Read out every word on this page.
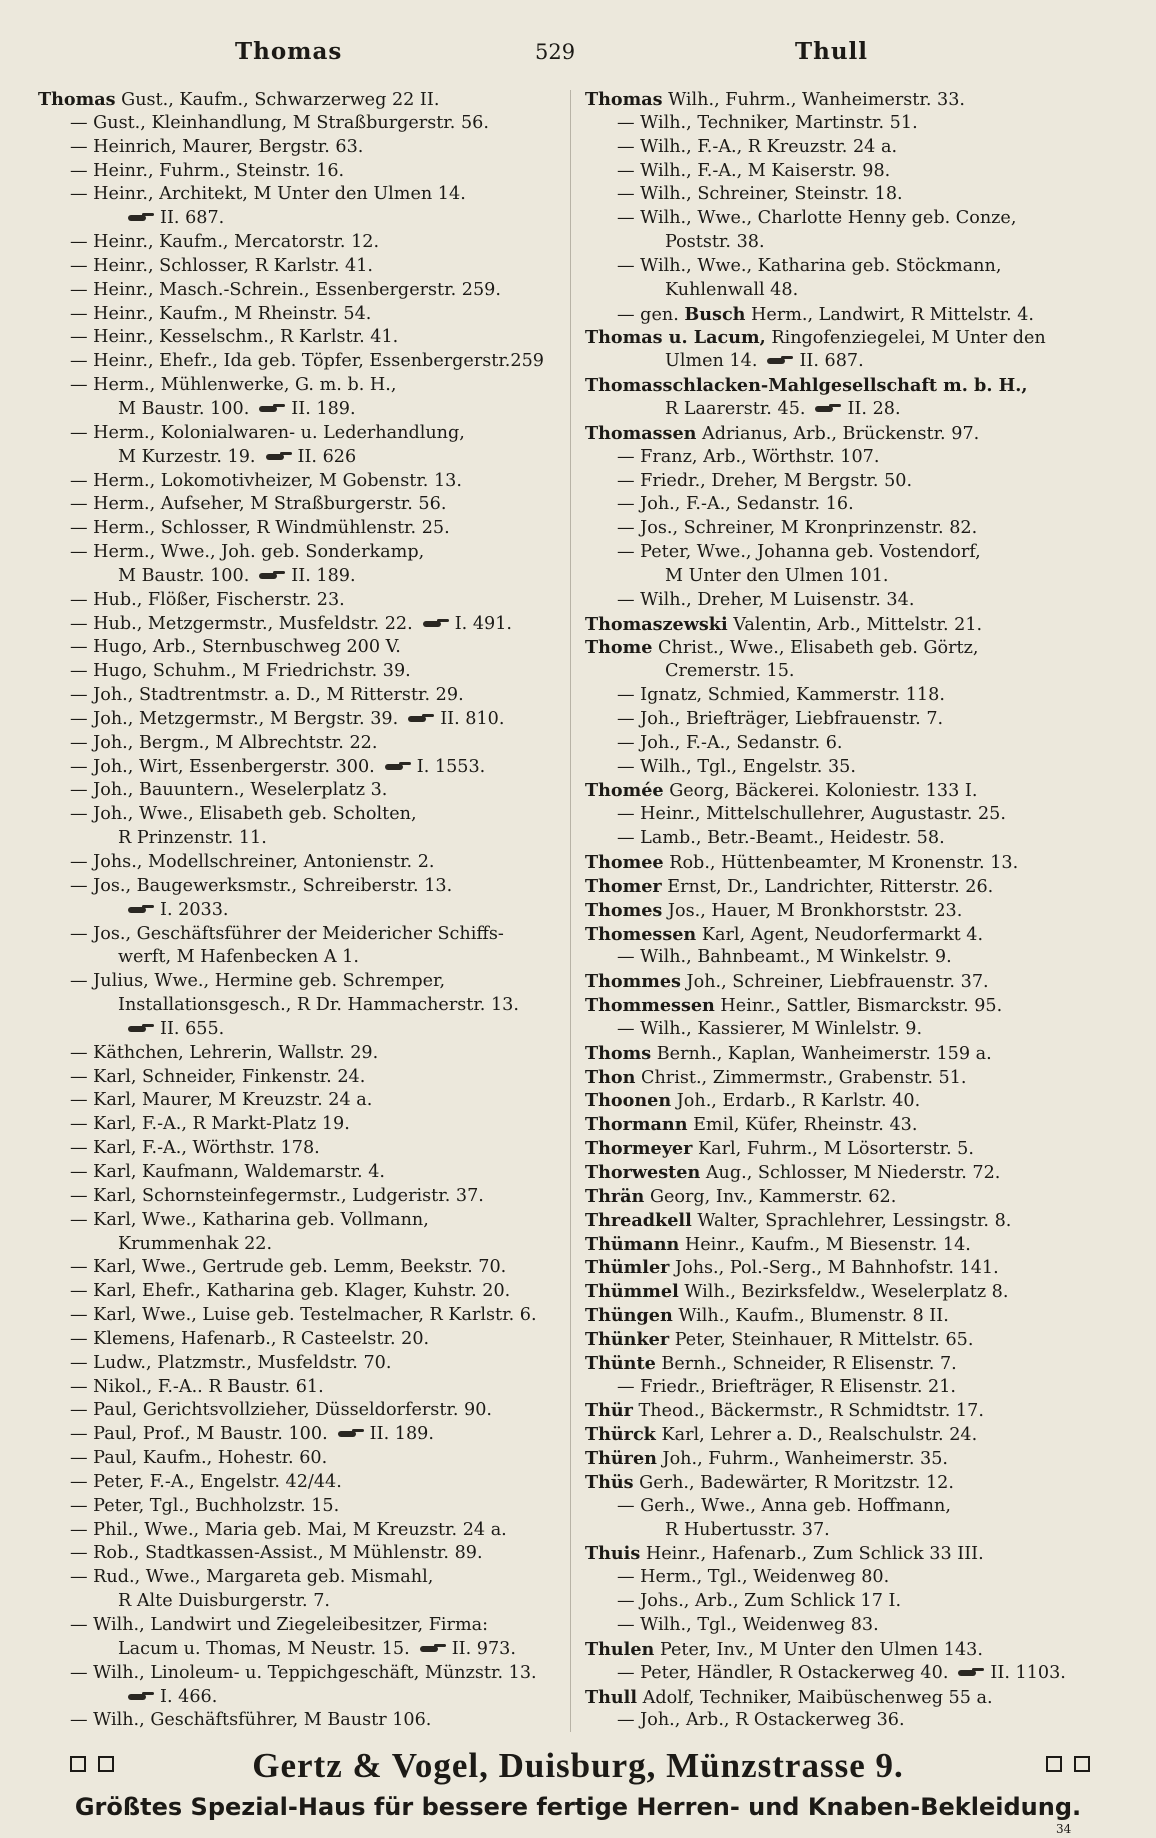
Thomas	529	Thull
Thomas Gust., Kaufm., Schwarzerweg 22 II.
— Gust., Kleinhandlung, M Straßburgerstr. 56.
— Heinrich, Maurer, Bergstr. 63.
— Heinr., Fuhrm., Steinstr. 16.
— Heinr., Architekt, M Unter den Ulmen 14.
II. 687.
— Heinr., Kaufm., Mercatorstr. 12.
— Heinr., Schlosser, R Karlstr. 41.
— Heinr., Masch.-Schrein., Essenbergerstr. 259.
— Heinr., Kaufm., M Rheinstr. 54.
— Heinr., Kesselschm., R Karlstr. 41.
— Heinr., Ehefr., Ida geb. Töpfer, Essenbergerstr.259
— Herm., Mühlenwerke, G. m. b. H.,
M Baustr. 100. II. 189.
— Herm., Kolonialwaren- u. Lederhandlung,
M Kurzestr. 19. II. 626
— Herm., Lokomotivheizer, M Gobenstr. 13.
— Herm., Aufseher, M Straßburgerstr. 56.
— Herm., Schlosser, R Windmühlenstr. 25.
— Herm., Wwe., Joh. geb. Sonderkamp,
M Baustr. 100. II. 189.
— Hub., Flößer, Fischerstr. 23.
— Hub., Metzgermstr., Musfeldstr. 22. I. 491.
— Hugo, Arb., Sternbuschweg 200 V.
— Hugo, Schuhm., M Friedrichstr. 39.
— Joh., Stadtrentmstr. a. D., M Ritterstr. 29.
— Joh., Metzgermstr., M Bergstr. 39. II. 810.
— Joh., Bergm., M Albrechtstr. 22.
— Joh., Wirt, Essenbergerstr. 300. I. 1553.
— Joh., Bauuntern., Weselerplatz 3.
— Joh., Wwe., Elisabeth geb. Scholten,
R Prinzenstr. 11.
— Johs., Modellschreiner, Antonienstr. 2.
— Jos., Baugewerksmstr., Schreiberstr. 13.
I. 2033.
— Jos., Geschäftsführer der Meidericher Schiffs-
werft, M Hafenbecken A 1.
— Julius, Wwe., Hermine geb. Schremper,
Installationsgesch., R Dr. Hammacherstr. 13.
II. 655.
— Käthchen, Lehrerin, Wallstr. 29.
— Karl, Schneider, Finkenstr. 24.
— Karl, Maurer, M Kreuzstr. 24 a.
— Karl, F.-A., R Markt-Platz 19.
— Karl, F.-A., Wörthstr. 178.
— Karl, Kaufmann, Waldemarstr. 4.
— Karl, Schornsteinfegermstr., Ludgeristr. 37.
— Karl, Wwe., Katharina geb. Vollmann,
Krummenhak 22.
— Karl, Wwe., Gertrude geb. Lemm, Beekstr. 70.
— Karl, Ehefr., Katharina geb. Klager, Kuhstr. 20.
— Karl, Wwe., Luise geb. Testelmacher, R Karlstr. 6.
— Klemens, Hafenarb., R Casteelstr. 20.
— Ludw., Platzmstr., Musfeldstr. 70.
— Nikol., F.-A.. R Baustr. 61.
— Paul, Gerichtsvollzieher, Düsseldorferstr. 90.
— Paul, Prof., M Baustr. 100. II. 189.
— Paul, Kaufm., Hohestr. 60.
— Peter, F.-A., Engelstr. 42/44.
— Peter, Tgl., Buchholzstr. 15.
— Phil., Wwe., Maria geb. Mai, M Kreuzstr. 24 a.
— Rob., Stadtkassen-Assist., M Mühlenstr. 89.
— Rud., Wwe., Margareta geb. Mismahl,
R Alte Duisburgerstr. 7.
— Wilh., Landwirt und Ziegeleibesitzer, Firma:
Lacum u. Thomas, M Neustr. 15. II. 973.
— Wilh., Linoleum- u. Teppichgeschäft, Münzstr. 13.
I. 466.
— Wilh., Geschäftsführer, M Baustr 106.
Thomas Wilh., Fuhrm., Wanheimerstr. 33.
— Wilh., Techniker, Martinstr. 51.
— Wilh., F.-A., R Kreuzstr. 24 a.
— Wilh., F.-A., M Kaiserstr. 98.
— Wilh., Schreiner, Steinstr. 18.
— Wilh., Wwe., Charlotte Henny geb. Conze,
Poststr. 38.
— Wilh., Wwe., Katharina geb. Stöckmann,
Kuhlenwall 48.
— gen. Busch Herm., Landwirt, R Mittelstr. 4.
Thomas u. Lacum, Ringofenziegelei, M Unter den
Ulmen 14. II. 687.
Thomasschlacken-Mahlgesellschaft m. b. H.,
R Laarerstr. 45. II. 28.
Thomassen Adrianus, Arb., Brückenstr. 97.
— Franz, Arb., Wörthstr. 107.
— Friedr., Dreher, M Bergstr. 50.
— Joh., F.-A., Sedanstr. 16.
— Jos., Schreiner, M Kronprinzenstr. 82.
— Peter, Wwe., Johanna geb. Vostendorf,
M Unter den Ulmen 101.
— Wilh., Dreher, M Luisenstr. 34.
Thomaszewski Valentin, Arb., Mittelstr. 21.
Thome Christ., Wwe., Elisabeth geb. Görtz,
Cremerstr. 15.
— Ignatz, Schmied, Kammerstr. 118.
— Joh., Briefträger, Liebfrauenstr. 7.
— Joh., F.-A., Sedanstr. 6.
— Wilh., Tgl., Engelstr. 35.
Thomée Georg, Bäckerei. Koloniestr. 133 I.
— Heinr., Mittelschullehrer, Augustastr. 25.
— Lamb., Betr.-Beamt., Heidestr. 58.
Thomee Rob., Hüttenbeamter, M Kronenstr. 13.
Thomer Ernst, Dr., Landrichter, Ritterstr. 26.
Thomes Jos., Hauer, M Bronkhorststr. 23.
Thomessen Karl, Agent, Neudorfermarkt 4.
— Wilh., Bahnbeamt., M Winkelstr. 9.
Thommes Joh., Schreiner, Liebfrauenstr. 37.
Thommessen Heinr., Sattler, Bismarckstr. 95.
— Wilh., Kassierer, M Winlelstr. 9.
Thoms Bernh., Kaplan, Wanheimerstr. 159 a.
Thon Christ., Zimmermstr., Grabenstr. 51.
Thoonen Joh., Erdarb., R Karlstr. 40.
Thormann Emil, Küfer, Rheinstr. 43.
Thormeyer Karl, Fuhrm., M Lösorterstr. 5.
Thorwesten Aug., Schlosser, M Niederstr. 72.
Thrän Georg, Inv., Kammerstr. 62.
Threadkell Walter, Sprachlehrer, Lessingstr. 8.
Thümann Heinr., Kaufm., M Biesenstr. 14.
Thümler Johs., Pol.-Serg., M Bahnhofstr. 141.
Thümmel Wilh., Bezirksfeldw., Weselerplatz 8.
Thüngen Wilh., Kaufm., Blumenstr. 8 II.
Thünker Peter, Steinhauer, R Mittelstr. 65.
Thünte Bernh., Schneider, R Elisenstr. 7.
— Friedr., Briefträger, R Elisenstr. 21.
Thür Theod., Bäckermstr., R Schmidtstr. 17.
Thürck Karl, Lehrer a. D., Realschulstr. 24.
Thüren Joh., Fuhrm., Wanheimerstr. 35.
Thüs Gerh., Badewärter, R Moritzstr. 12.
— Gerh., Wwe., Anna geb. Hoffmann,
R Hubertusstr. 37.
Thuis Heinr., Hafenarb., Zum Schlick 33 III.
— Herm., Tgl., Weidenweg 80.
— Johs., Arb., Zum Schlick 17 I.
— Wilh., Tgl., Weidenweg 83.
Thulen Peter, Inv., M Unter den Ulmen 143.
— Peter, Händler, R Ostackerweg 40. II. 1103.
Thull Adolf, Techniker, Maibüschenweg 55 a.
— Joh., Arb., R Ostackerweg 36.
Gertz & Vogel, Duisburg, Münzstrasse 9.
Größtes Spezial-Haus für bessere fertige Herren- und Knaben-Bekleidung.
34
